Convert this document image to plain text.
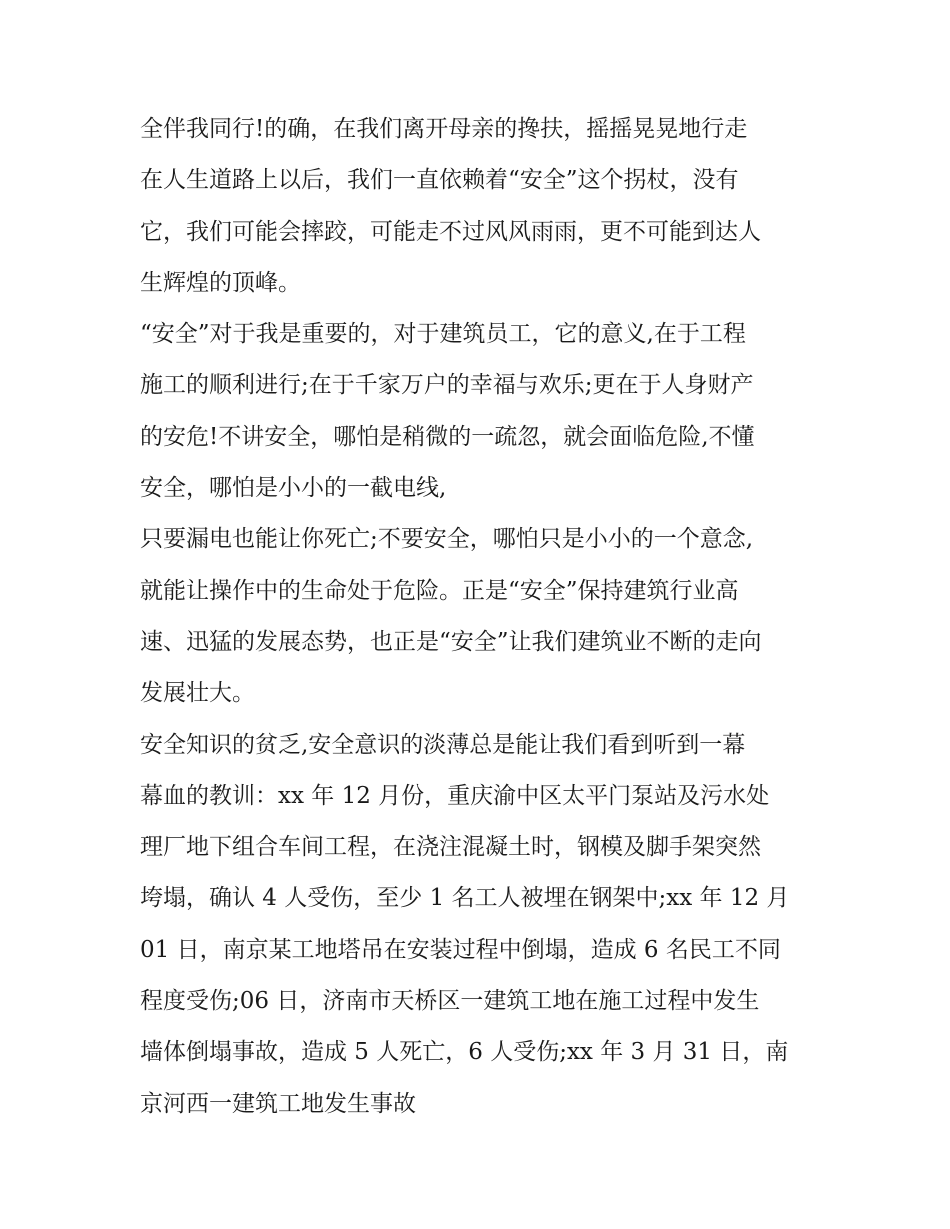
全伴我同行!的确，在我们离开母亲的搀扶，摇摇晃晃地行走
在人生道路上以后，我们一直依赖着“安全”这个拐杖，没有
它，我们可能会摔跤，可能走不过风风雨雨，更不可能到达人
生辉煌的顶峰。
“安全”对于我是重要的，对于建筑员工，它的意义,在于工程
施工的顺利进行;在于千家万户的幸福与欢乐;更在于人身财产
的安危!不讲安全，哪怕是稍微的一疏忽，就会面临危险,不懂
安全，哪怕是小小的一截电线,
只要漏电也能让你死亡;不要安全，哪怕只是小小的一个意念,
就能让操作中的生命处于危险。正是“安全”保持建筑行业高
速、迅猛的发展态势，也正是“安全”让我们建筑业不断的走向
发展壮大。
安全知识的贫乏,安全意识的淡薄总是能让我们看到听到一幕
幕血的教训：xx 年 12 月份，重庆渝中区太平门泵站及污水处
理厂地下组合车间工程，在浇注混凝土时，钢模及脚手架突然
垮塌，确认 4 人受伤，至少 1 名工人被埋在钢架中;xx 年 12 月
01 日，南京某工地塔吊在安装过程中倒塌，造成 6 名民工不同
程度受伤;06 日，济南市天桥区一建筑工地在施工过程中发生
墙体倒塌事故，造成 5 人死亡，6 人受伤;xx 年 3 月 31 日，南
京河西一建筑工地发生事故
